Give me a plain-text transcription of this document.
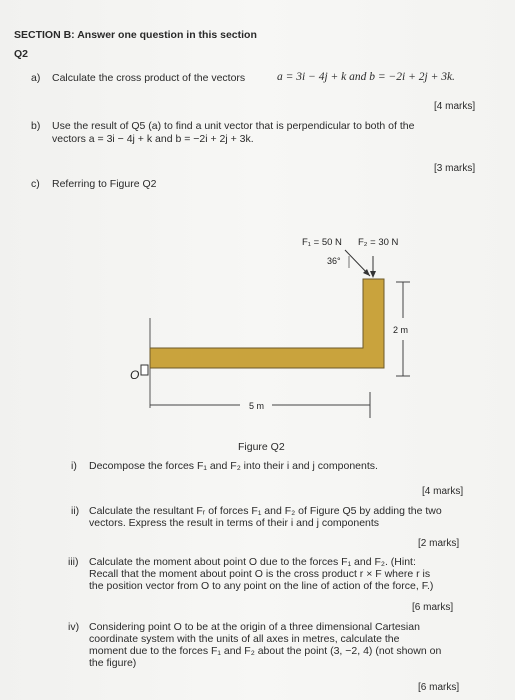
SECTION B: Answer one question in this section
Q2
a) Calculate the cross product of the vectors	a = 3i − 4j + k and b = −2i + 2j + 3k.
[4 marks]
b) Use the result of Q5 (a) to find a unit vector that is perpendicular to both of the
vectors a = 3i − 4j + k and b = −2i + 2j + 3k.
[3 marks]
c) Referring to Figure Q2
F₁ = 50 N F₂ = 30 N
36°
2 m
5 m
O
Figure Q2
i) Decompose the forces F₁ and F₂ into their i and j components.
[4 marks]
ii) Calculate the resultant Fᵣ of forces F₁ and F₂ of Figure Q5 by adding the two
vectors. Express the result in terms of their i and j components
[2 marks]
iii) Calculate the moment about point O due to the forces F₁ and F₂. (Hint:
Recall that the moment about point O is the cross product r × F where r is
the position vector from O to any point on the line of action of the force, F.)
[6 marks]
iv) Considering point O to be at the origin of a three dimensional Cartesian
coordinate system with the units of all axes in metres, calculate the
moment due to the forces F₁ and F₂ about the point (3, −2, 4) (not shown on
the figure)
[6 marks]
